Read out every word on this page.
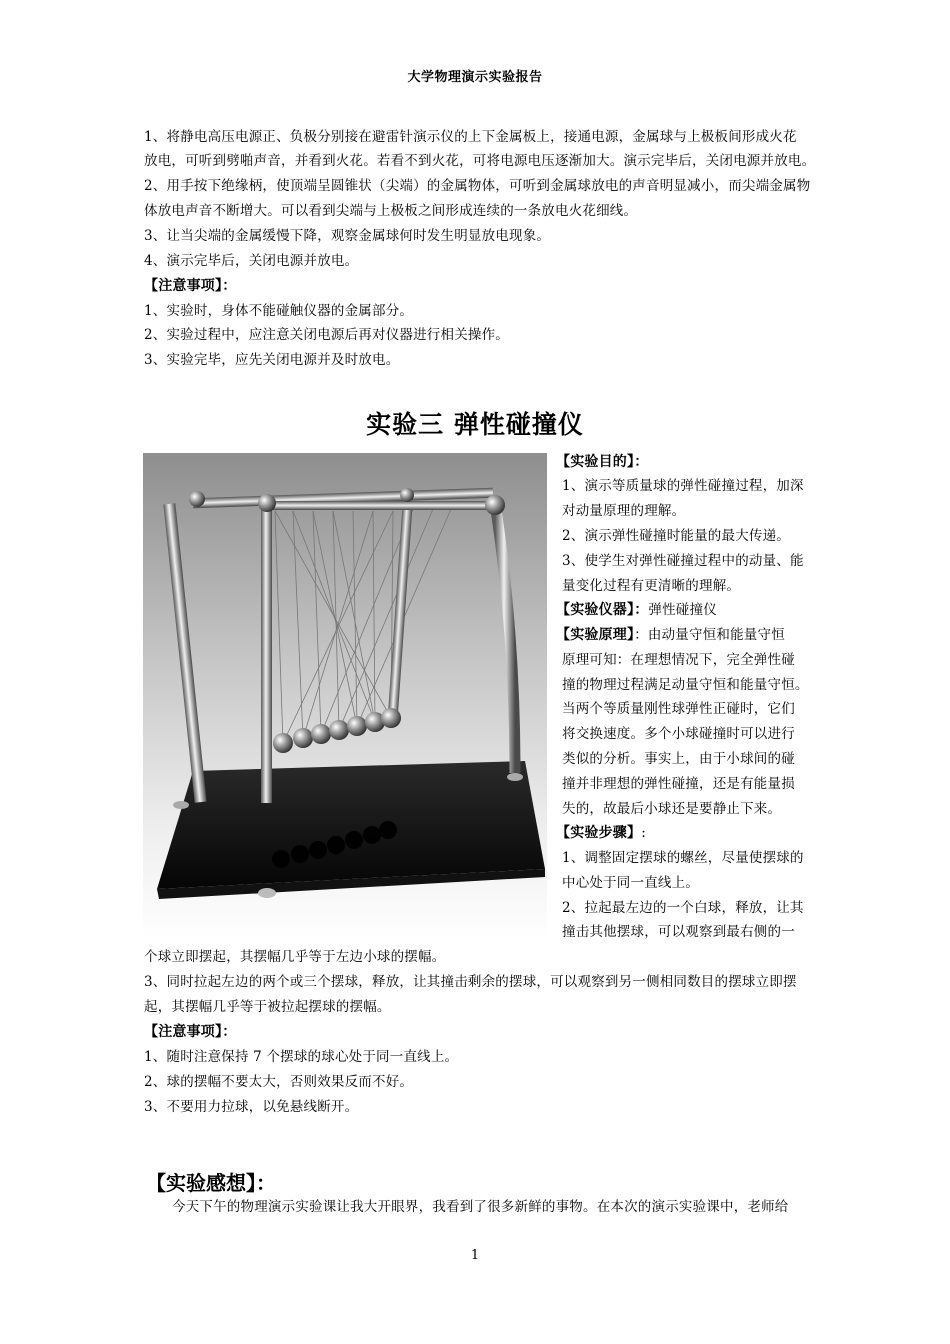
大学物理演示实验报告
1、将静电高压电源正、负极分别接在避雷针演示仪的上下金属板上，接通电源，金属球与上极板间形成火花
放电，可听到劈啪声音，并看到火花。若看不到火花，可将电源电压逐渐加大。演示完毕后，关闭电源并放电。
2、用手按下绝缘柄，使顶端呈圆锥状（尖端）的金属物体，可听到金属球放电的声音明显减小，而尖端金属物
体放电声音不断增大。可以看到尖端与上极板之间形成连续的一条放电火花细线。
3、让当尖端的金属缓慢下降，观察金属球何时发生明显放电现象。
4、演示完毕后，关闭电源并放电。
【注意事项】：
1、实验时，身体不能碰触仪器的金属部分。
2、实验过程中，应注意关闭电源后再对仪器进行相关操作。
3、实验完毕，应先关闭电源并及时放电。
实验三 弹性碰撞仪
【实验目的】：
1、演示等质量球的弹性碰撞过程，加深
对动量原理的理解。
2、演示弹性碰撞时能量的最大传递。
3、使学生对弹性碰撞过程中的动量、能
量变化过程有更清晰的理解。
【实验仪器】：弹性碰撞仪
【实验原理】：由动量守恒和能量守恒
原理可知：在理想情况下，完全弹性碰
撞的物理过程满足动量守恒和能量守恒。
当两个等质量刚性球弹性正碰时，它们
将交换速度。多个小球碰撞时可以进行
类似的分析。事实上，由于小球间的碰
撞并非理想的弹性碰撞，还是有能量损
失的，故最后小球还是要静止下来。
【实验步骤】:
1、调整固定摆球的螺丝，尽量使摆球的
中心处于同一直线上。
2、拉起最左边的一个白球，释放，让其
撞击其他摆球，可以观察到最右侧的一
个球立即摆起，其摆幅几乎等于左边小球的摆幅。
3、同时拉起左边的两个或三个摆球，释放，让其撞击剩余的摆球，可以观察到另一侧相同数目的摆球立即摆
起，其摆幅几乎等于被拉起摆球的摆幅。
【注意事项】：
1、随时注意保持 7 个摆球的球心处于同一直线上。
2、球的摆幅不要太大，否则效果反而不好。
3、不要用力拉球，以免悬线断开。
【实验感想】：
今天下午的物理演示实验课让我大开眼界，我看到了很多新鲜的事物。在本次的演示实验课中，老师给
1
